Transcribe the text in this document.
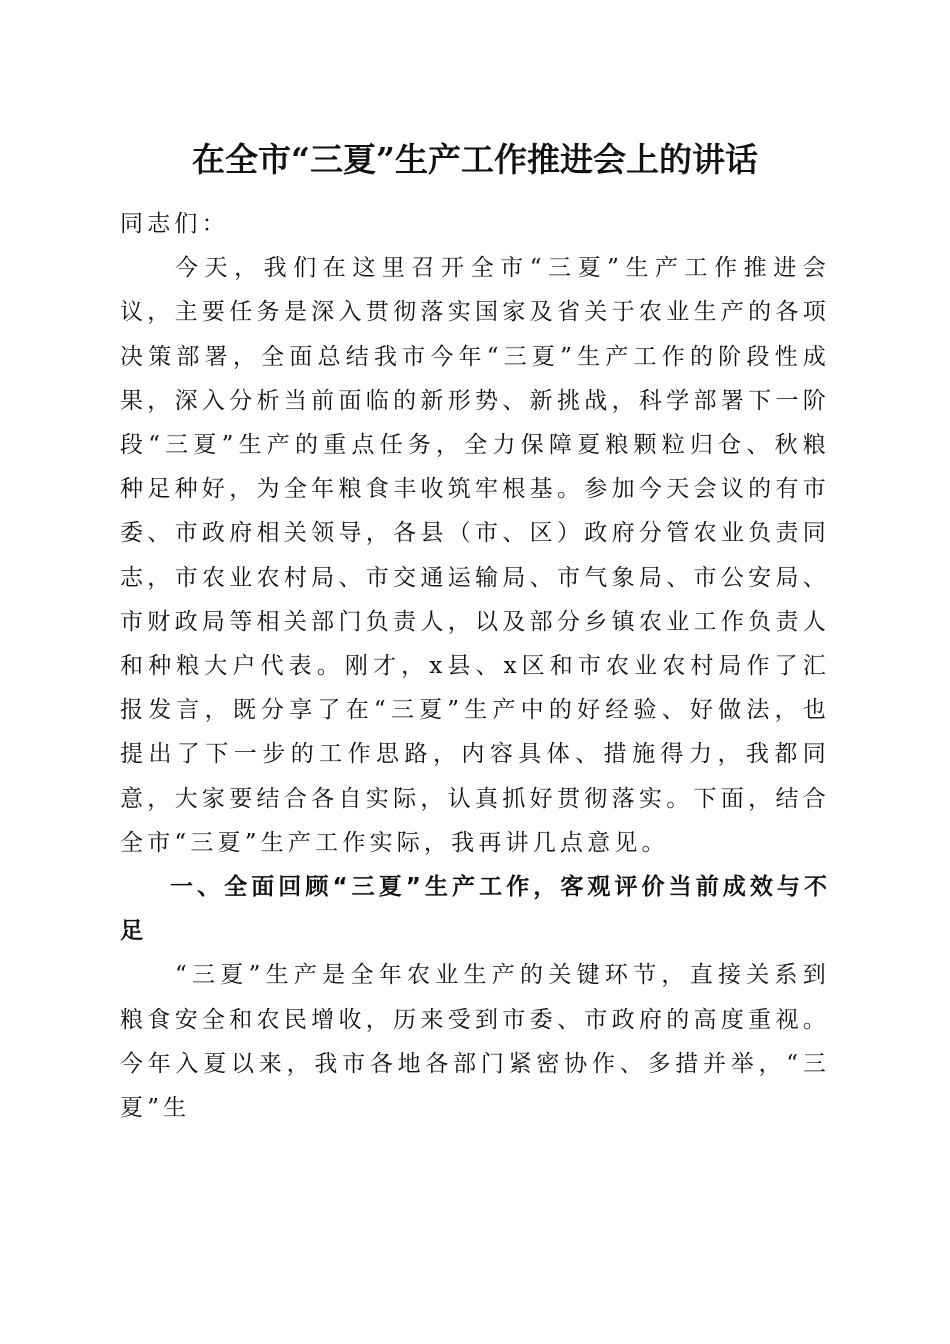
在全市“三夏”生产工作推进会上的讲话

同志们：

今天，我们在这里召开全市“三夏”生产工作推进会议，主要任务是深入贯彻落实国家及省关于农业生产的各项决策部署，全面总结我市今年“三夏”生产工作的阶段性成果，深入分析当前面临的新形势、新挑战，科学部署下一阶段“三夏”生产的重点任务，全力保障夏粮颗粒归仓、秋粮种足种好，为全年粮食丰收筑牢根基。参加今天会议的有市委、市政府相关领导，各县（市、区）政府分管农业负责同志，市农业农村局、市交通运输局、市气象局、市公安局、市财政局等相关部门负责人，以及部分乡镇农业工作负责人和种粮大户代表。刚才，x县、x区和市农业农村局作了汇报发言，既分享了在“三夏”生产中的好经验、好做法，也提出了下一步的工作思路，内容具体、措施得力，我都同意，大家要结合各自实际，认真抓好贯彻落实。下面，结合全市“三夏”生产工作实际，我再讲几点意见。

一、全面回顾“三夏”生产工作，客观评价当前成效与不足

“三夏”生产是全年农业生产的关键环节，直接关系到粮食安全和农民增收，历来受到市委、市政府的高度重视。今年入夏以来，我市各地各部门紧密协作、多措并举，“三夏”生
